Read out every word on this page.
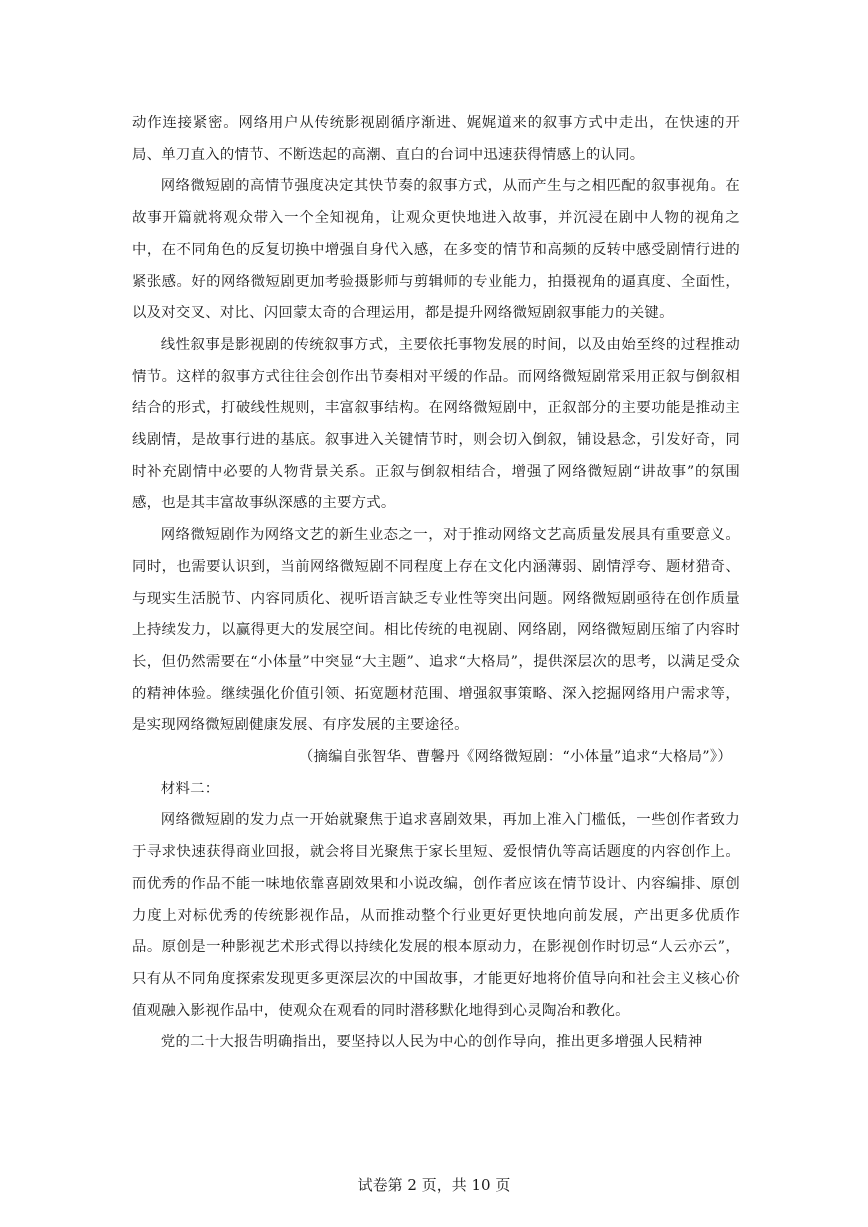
动作连接紧密。网络用户从传统影视剧循序渐进、娓娓道来的叙事方式中走出，在快速的开局、单刀直入的情节、不断迭起的高潮、直白的台词中迅速获得情感上的认同。

网络微短剧的高情节强度决定其快节奏的叙事方式，从而产生与之相匹配的叙事视角。在故事开篇就将观众带入一个全知视角，让观众更快地进入故事，并沉浸在剧中人物的视角之中，在不同角色的反复切换中增强自身代入感，在多变的情节和高频的反转中感受剧情行进的紧张感。好的网络微短剧更加考验摄影师与剪辑师的专业能力，拍摄视角的逼真度、全面性，以及对交叉、对比、闪回蒙太奇的合理运用，都是提升网络微短剧叙事能力的关键。

线性叙事是影视剧的传统叙事方式，主要依托事物发展的时间，以及由始至终的过程推动情节。这样的叙事方式往往会创作出节奏相对平缓的作品。而网络微短剧常采用正叙与倒叙相结合的形式，打破线性规则，丰富叙事结构。在网络微短剧中，正叙部分的主要功能是推动主线剧情，是故事行进的基底。叙事进入关键情节时，则会切入倒叙，铺设悬念，引发好奇，同时补充剧情中必要的人物背景关系。正叙与倒叙相结合，增强了网络微短剧“讲故事”的氛围感，也是其丰富故事纵深感的主要方式。

网络微短剧作为网络文艺的新生业态之一，对于推动网络文艺高质量发展具有重要意义。同时，也需要认识到，当前网络微短剧不同程度上存在文化内涵薄弱、剧情浮夸、题材猎奇、与现实生活脱节、内容同质化、视听语言缺乏专业性等突出问题。网络微短剧亟待在创作质量上持续发力，以赢得更大的发展空间。相比传统的电视剧、网络剧，网络微短剧压缩了内容时长，但仍然需要在“小体量”中突显“大主题”、追求“大格局”，提供深层次的思考，以满足受众的精神体验。继续强化价值引领、拓宽题材范围、增强叙事策略、深入挖掘网络用户需求等，是实现网络微短剧健康发展、有序发展的主要途径。

（摘编自张智华、曹馨丹《网络微短剧：“小体量”追求“大格局”》）

材料二：

网络微短剧的发力点一开始就聚焦于追求喜剧效果，再加上准入门槛低，一些创作者致力于寻求快速获得商业回报，就会将目光聚焦于家长里短、爱恨情仇等高话题度的内容创作上。而优秀的作品不能一味地依靠喜剧效果和小说改编，创作者应该在情节设计、内容编排、原创力度上对标优秀的传统影视作品，从而推动整个行业更好更快地向前发展，产出更多优质作品。原创是一种影视艺术形式得以持续化发展的根本原动力，在影视创作时切忌“人云亦云”，只有从不同角度探索发现更多更深层次的中国故事，才能更好地将价值导向和社会主义核心价值观融入影视作品中，使观众在观看的同时潜移默化地得到心灵陶冶和教化。

党的二十大报告明确指出，要坚持以人民为中心的创作导向，推出更多增强人民精神

试卷第 2 页，共 10 页
